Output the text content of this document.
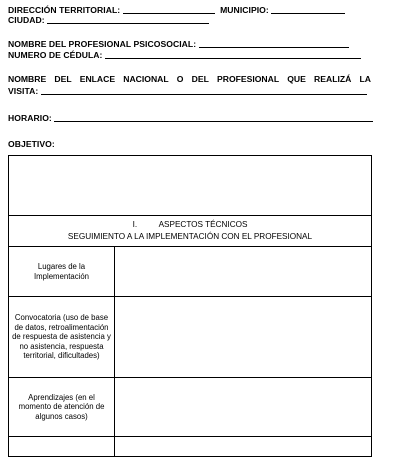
DIRECCIÓN TERRITORIAL:	MUNICIPIO:
CIUDAD:
NOMBRE DEL PROFESIONAL PSICOSOCIAL:
NUMERO DE CÉDULA:
NOMBRE DEL ENLACE NACIONAL O DEL PROFESIONAL QUE REALIZÁ LA
VISITA:
HORARIO:
OBJETIVO:

I. ASPECTOS TÉCNICOS
SEGUIMIENTO A LA IMPLEMENTACIÓN CON EL PROFESIONAL	

Lugares de la Implementación	
Convocatoria (uso de base de datos, retroalimentación de respuesta de asistencia y no asistencia, respuesta territorial, dificultades)	
Aprendizajes (en el momento de atención de algunos casos)	
